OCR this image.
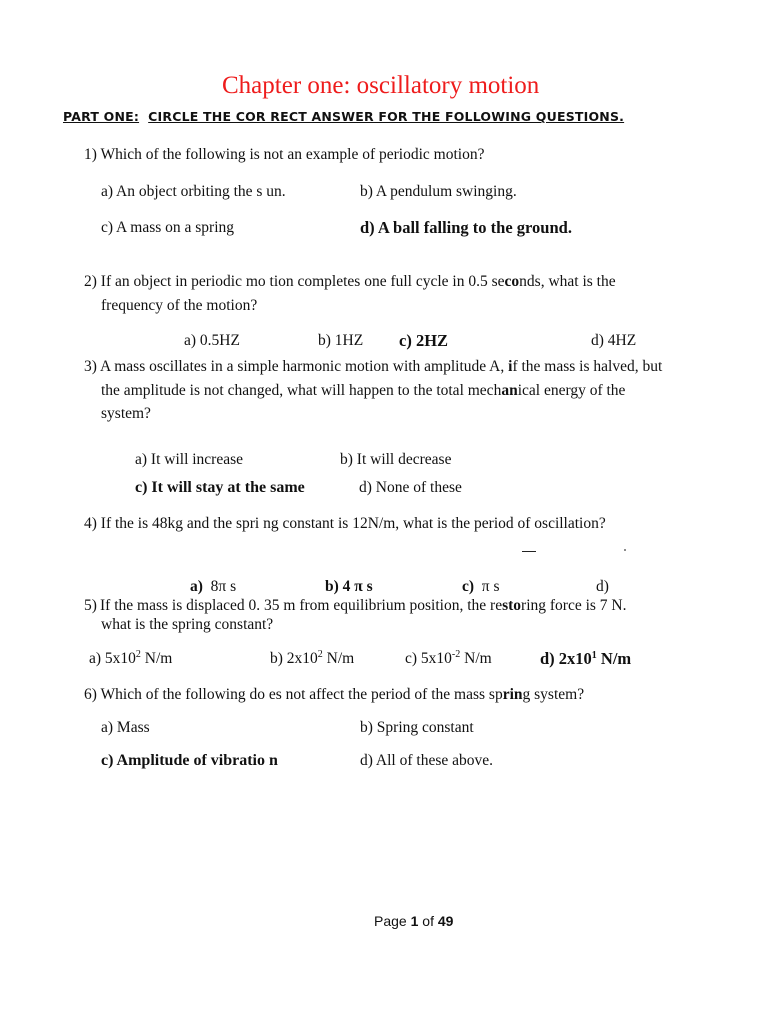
Chapter one: oscillatory motion
PART ONE: CIRCLE THE COR RECT ANSWER FOR THE FOLLOWING QUESTIONS.
1) Which of the following is not an example of periodic motion?
a) An object orbiting the s un.	b) A pendulum swinging.
c) A mass on a spring	d) A ball falling to the ground.
2) If an object in periodic mo tion completes one full cycle in 0.5 seconds, what is the
frequency of the motion?
a) 0.5HZ	b) 1HZ c) 2HZ	d) 4HZ
3) A mass oscillates in a simple harmonic motion with amplitude A, if the mass is halved, but
the amplitude is not changed, what will happen to the total mechanical energy of the
system?
a) It will increase	b) It will decrease
c) It will stay at the same	d) None of these
4) If the is 48kg and the spri ng constant is 12N/m, what is the period of oscillation?
a) 8π s	b) 4 π s	c) π s	d)
5) If the mass is displaced 0. 35 m from equilibrium position, the restoring force is 7 N.
what is the spring constant?
a) $5x10^2$ N/m	b) $2x10^2$ N/m	c) $5x10^{-2}$ N/m	d) $2x10^1$ N/m
6) Which of the following do es not affect the period of the mass spring system?
a) Mass	b) Spring constant
c) Amplitude of vibratio n	d) All of these above.
Page 1 of 49
